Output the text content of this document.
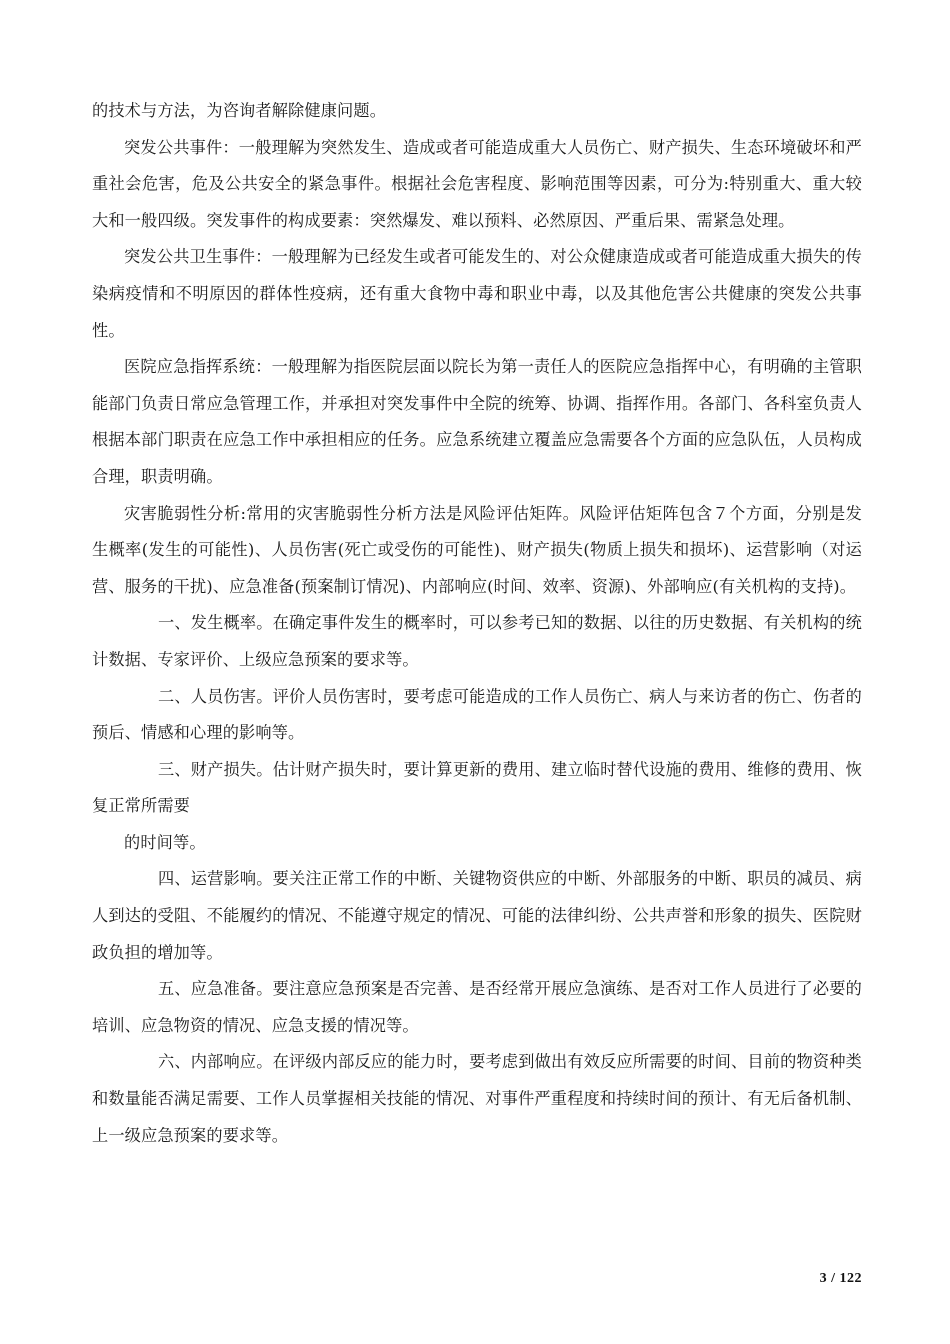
的技术与方法，为咨询者解除健康问题。

突发公共事件：一般理解为突然发生、造成或者可能造成重大人员伤亡、财产损失、生态环境破坏和严重社会危害，危及公共安全的紧急事件。根据社会危害程度、影响范围等因素，可分为:特别重大、重大较大和一般四级。突发事件的构成要素：突然爆发、难以预料、必然原因、严重后果、需紧急处理。

突发公共卫生事件：一般理解为已经发生或者可能发生的、对公众健康造成或者可能造成重大损失的传染病疫情和不明原因的群体性疫病，还有重大食物中毒和职业中毒，以及其他危害公共健康的突发公共事性。

医院应急指挥系统：一般理解为指医院层面以院长为第一责任人的医院应急指挥中心，有明确的主管职能部门负责日常应急管理工作，并承担对突发事件中全院的统筹、协调、指挥作用。各部门、各科室负责人根据本部门职责在应急工作中承担相应的任务。应急系统建立覆盖应急需要各个方面的应急队伍，人员构成合理，职责明确。

灾害脆弱性分析:常用的灾害脆弱性分析方法是风险评估矩阵。风险评估矩阵包含７个方面，分别是发生概率(发生的可能性)、人员伤害(死亡或受伤的可能性)、财产损失(物质上损失和损坏)、运营影响（对运营、服务的干扰)、应急准备(预案制订情况)、内部响应(时间、效率、资源)、外部响应(有关机构的支持)。

一、发生概率。在确定事件发生的概率时，可以参考已知的数据、以往的历史数据、有关机构的统计数据、专家评价、上级应急预案的要求等。

二、人员伤害。评价人员伤害时，要考虑可能造成的工作人员伤亡、病人与来访者的伤亡、伤者的预后、情感和心理的影响等。

三、财产损失。估计财产损失时，要计算更新的费用、建立临时替代设施的费用、维修的费用、恢复正常所需要

的时间等。

四、运营影响。要关注正常工作的中断、关键物资供应的中断、外部服务的中断、职员的减员、病人到达的受阻、不能履约的情况、不能遵守规定的情况、可能的法律纠纷、公共声誉和形象的损失、医院财政负担的增加等。

五、应急准备。要注意应急预案是否完善、是否经常开展应急演练、是否对工作人员进行了必要的培训、应急物资的情况、应急支援的情况等。

六、内部响应。在评级内部反应的能力时，要考虑到做出有效反应所需要的时间、目前的物资种类和数量能否满足需要、工作人员掌握相关技能的情况、对事件严重程度和持续时间的预计、有无后备机制、上一级应急预案的要求等。

3 / 122
